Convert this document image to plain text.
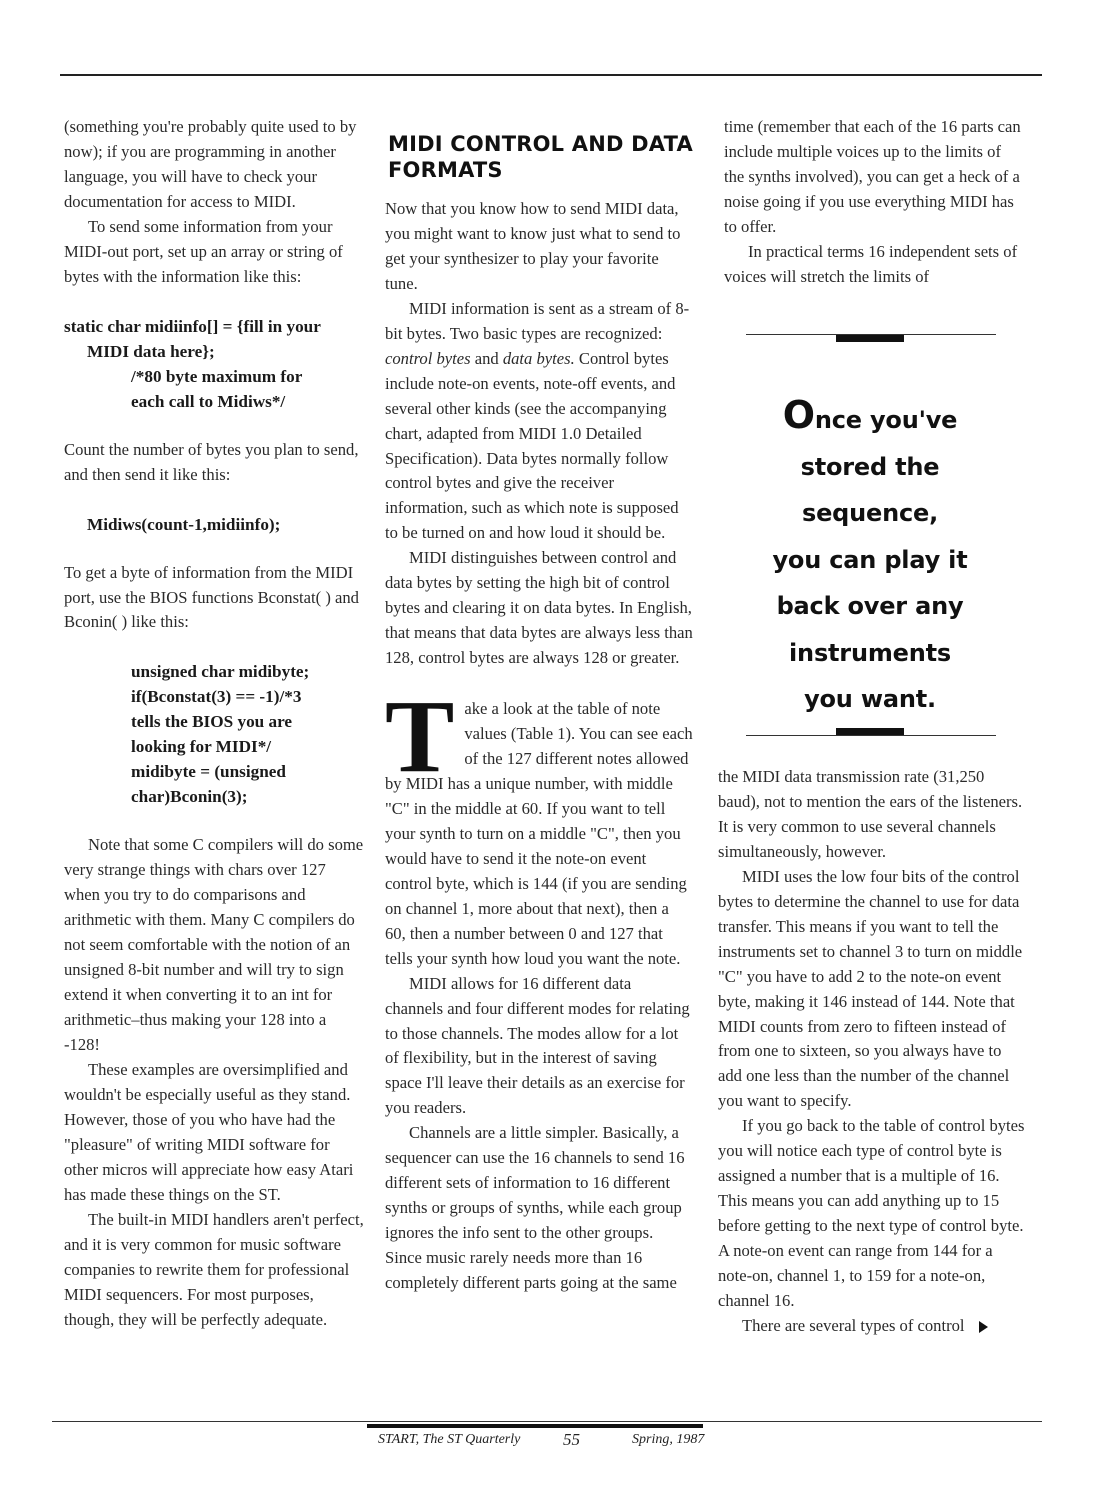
(something you're probably quite used to by now); if you are programming in another language, you will have to check your documentation for access to MIDI.

To send some information from your MIDI-out port, set up an array or string of bytes with the information like this:

static char midiinfo[] = {fill in your
MIDI data here};
/*80 byte maximum for
each call to Midiws*/

Count the number of bytes you plan to send, and then send it like this:

Midiws(count-1,midiinfo);

To get a byte of information from the MIDI port, use the BIOS functions Bconstat( ) and Bconin( ) like this:

unsigned char midibyte;
if(Bconstat(3) == -1)/*3
tells the BIOS you are
looking for MIDI*/
midibyte = (unsigned
char)Bconin(3);

Note that some C compilers will do some very strange things with chars over 127 when you try to do comparisons and arithmetic with them. Many C compilers do not seem comfortable with the notion of an unsigned 8-bit number and will try to sign extend it when converting it to an int for arithmetic–thus making your 128 into a -128!

These examples are oversimplified and wouldn't be especially useful as they stand. However, those of you who have had the "pleasure" of writing MIDI software for other micros will appreciate how easy Atari has made these things on the ST.

The built-in MIDI handlers aren't perfect, and it is very common for music software companies to rewrite them for professional MIDI sequencers. For most purposes, though, they will be perfectly adequate.

MIDI CONTROL AND DATA FORMATS

Now that you know how to send MIDI data, you might want to know just what to send to get your synthesizer to play your favorite tune.

MIDI information is sent as a stream of 8-bit bytes. Two basic types are recognized: control bytes and data bytes. Control bytes include note-on events, note-off events, and several other kinds (see the accompanying chart, adapted from MIDI 1.0 Detailed Specification). Data bytes normally follow control bytes and give the receiver information, such as which note is supposed to be turned on and how loud it should be.

MIDI distinguishes between control and data bytes by setting the high bit of control bytes and clearing it on data bytes. In English, that means that data bytes are always less than 128, control bytes are always 128 or greater.

T ake a look at the table of note values (Table 1). You can see each of the 127 different notes allowed by MIDI has a unique number, with middle "C" in the middle at 60. If you want to tell your synth to turn on a middle "C", then you would have to send it the note-on event control byte, which is 144 (if you are sending on channel 1, more about that next), then a 60, then a number between 0 and 127 that tells your synth how loud you want the note.

MIDI allows for 16 different data channels and four different modes for relating to those channels. The modes allow for a lot of flexibility, but in the interest of saving space I'll leave their details as an exercise for you readers.

Channels are a little simpler. Basically, a sequencer can use the 16 channels to send 16 different sets of information to 16 different synths or groups of synths, while each group ignores the info sent to the other groups. Since music rarely needs more than 16 completely different parts going at the same

time (remember that each of the 16 parts can include multiple voices up to the limits of the synths involved), you can get a heck of a noise going if you use everything MIDI has to offer.

In practical terms 16 independent sets of voices will stretch the limits of

Once you've
stored the sequence,
you can play it
back over any
instruments
you want.

the MIDI data transmission rate (31,250 baud), not to mention the ears of the listeners. It is very common to use several channels simultaneously, however.

MIDI uses the low four bits of the control bytes to determine the channel to use for data transfer. This means if you want to tell the instruments set to channel 3 to turn on middle "C" you have to add 2 to the note-on event byte, making it 146 instead of 144. Note that MIDI counts from zero to fifteen instead of from one to sixteen, so you always have to add one less than the number of the channel you want to specify.

If you go back to the table of control bytes you will notice each type of control byte is assigned a number that is a multiple of 16. This means you can add anything up to 15 before getting to the next type of control byte. A note-on event can range from 144 for a note-on, channel 1, to 159 for a note-on, channel 16.

There are several types of control

START, The ST Quarterly	55	Spring, 1987
